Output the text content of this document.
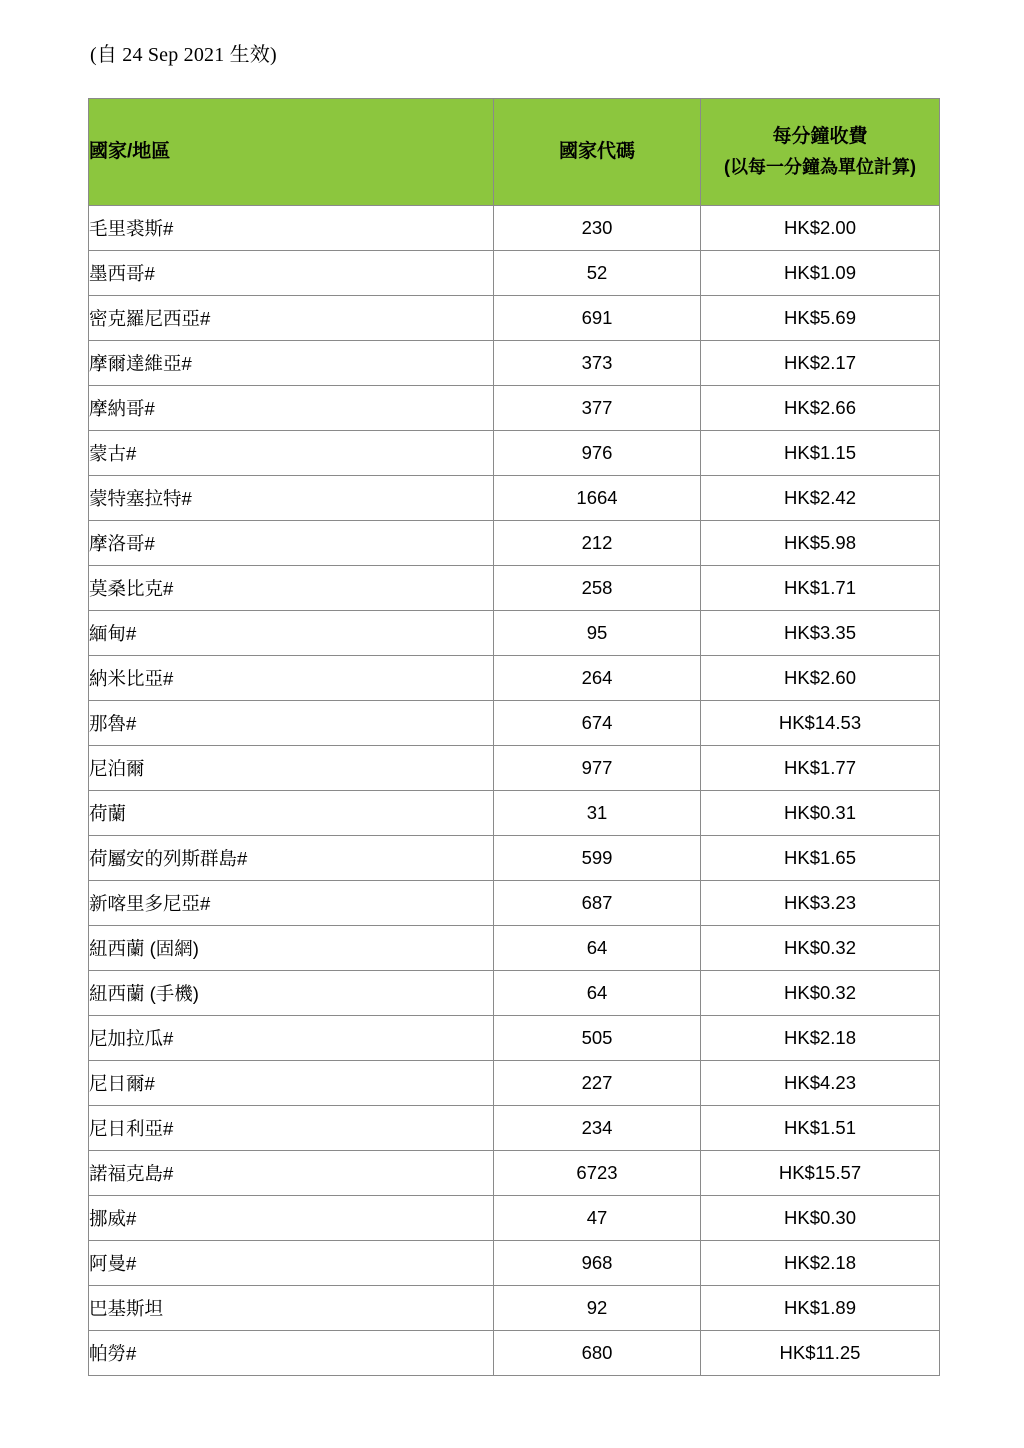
(自 24 Sep 2021 生效)
國家/地區	國家代碼	每分鐘收費
(以每一分鐘為單位計算)

毛里裘斯#	230	HK$2.00
墨西哥#	52	HK$1.09
密克羅尼西亞#	691	HK$5.69
摩爾達維亞#	373	HK$2.17
摩納哥#	377	HK$2.66
蒙古#	976	HK$1.15
蒙特塞拉特#	1664	HK$2.42
摩洛哥#	212	HK$5.98
莫桑比克#	258	HK$1.71
緬甸#	95	HK$3.35
納米比亞#	264	HK$2.60
那魯#	674	HK$14.53
尼泊爾	977	HK$1.77
荷蘭	31	HK$0.31
荷屬安的列斯群島#	599	HK$1.65
新喀里多尼亞#	687	HK$3.23
紐西蘭 (固網)	64	HK$0.32
紐西蘭 (手機)	64	HK$0.32
尼加拉瓜#	505	HK$2.18
尼日爾#	227	HK$4.23
尼日利亞#	234	HK$1.51
諾福克島#	6723	HK$15.57
挪威#	47	HK$0.30
阿曼#	968	HK$2.18
巴基斯坦	92	HK$1.89
帕勞#	680	HK$11.25
